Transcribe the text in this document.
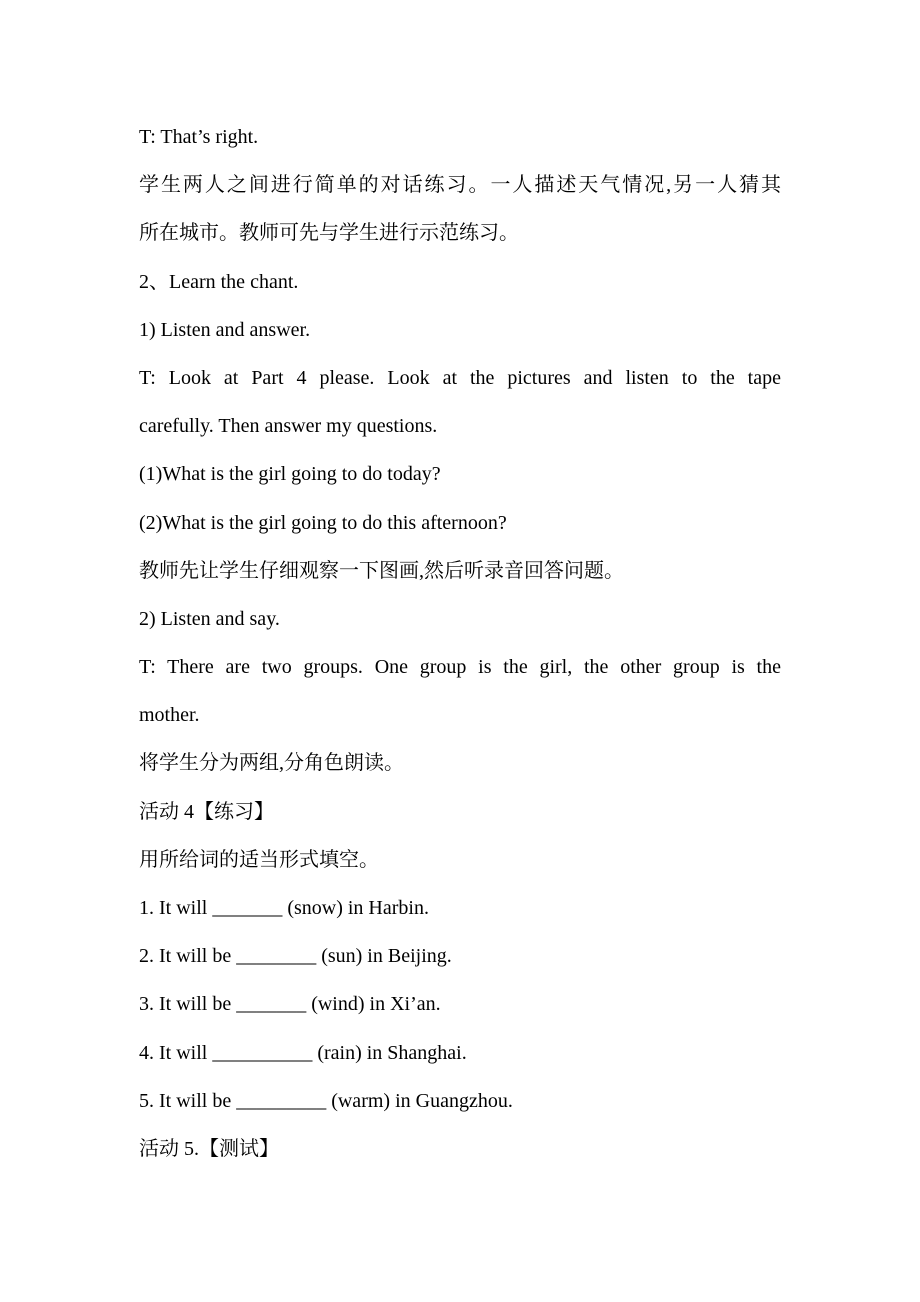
T: That’s right.
学生两人之间进行简单的对话练习。一人描述天气情况,另一人猜其
所在城市。教师可先与学生进行示范练习。
2、Learn the chant.
1) Listen and answer.
T: Look at Part 4 please. Look at the pictures and listen to the tape
carefully. Then answer my questions.
(1)What is the girl going to do today?
(2)What is the girl going to do this afternoon?
教师先让学生仔细观察一下图画,然后听录音回答问题。
2) Listen and say.
T: There are two groups. One group is the girl, the other group is the
mother.
将学生分为两组,分角色朗读。
活动 4【练习】
用所给词的适当形式填空。
1. It will _______ (snow) in Harbin.
2. It will be ________ (sun) in Beijing.
3. It will be _______ (wind) in Xi’an.
4. It will __________ (rain) in Shanghai.
5. It will be _________ (warm) in Guangzhou.
活动 5.【测试】
